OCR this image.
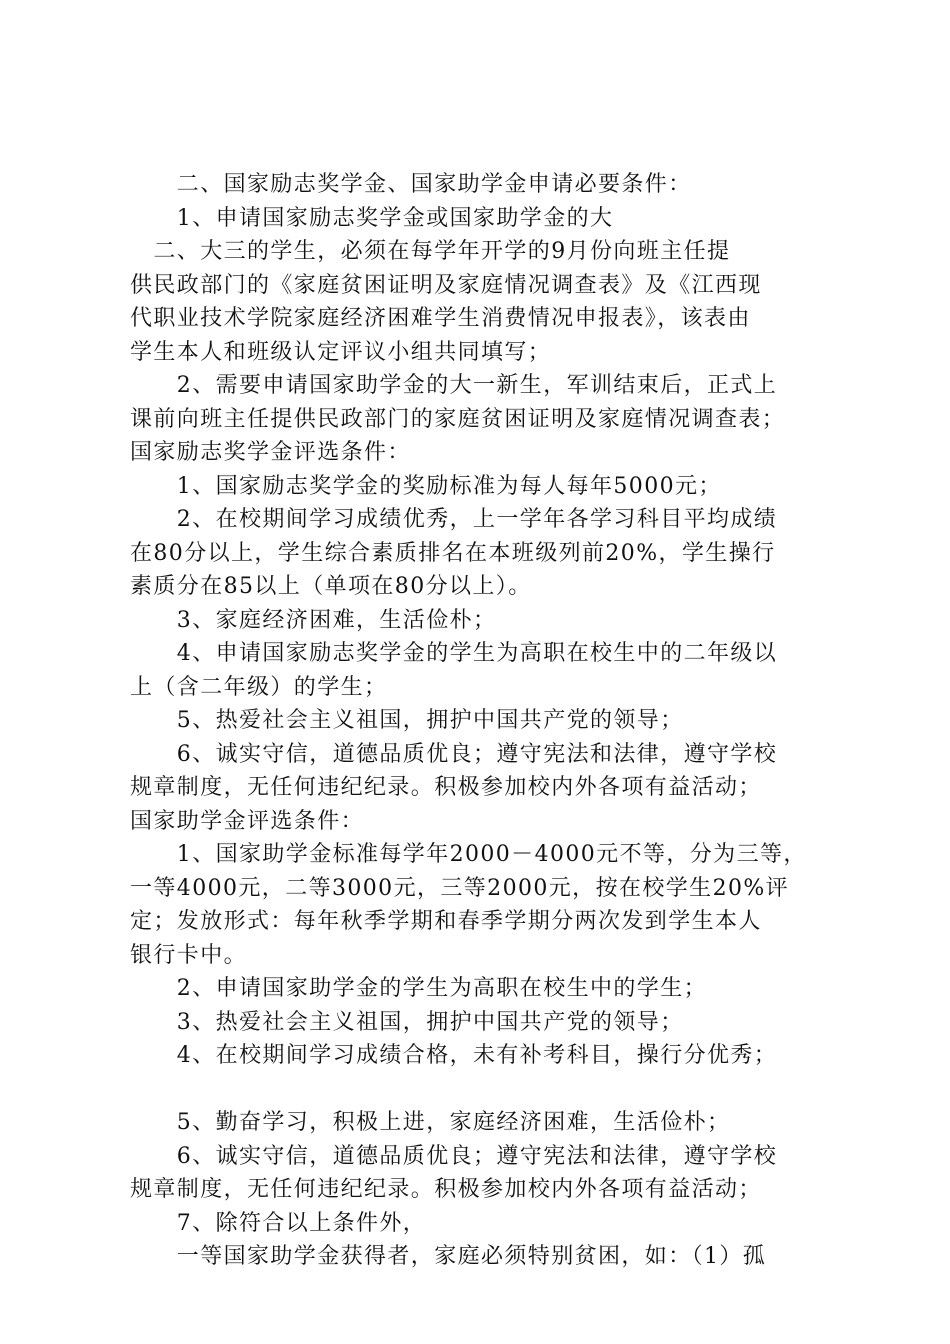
　　二、国家励志奖学金、国家助学金申请必要条件：
　　1、申请国家励志奖学金或国家助学金的大
　二、大三的学生，必须在每学年开学的9月份向班主任提
供民政部门的《家庭贫困证明及家庭情况调查表》及《江西现
代职业技术学院家庭经济困难学生消费情况申报表》，该表由
学生本人和班级认定评议小组共同填写；
　　2、需要申请国家助学金的大一新生，军训结束后，正式上
课前向班主任提供民政部门的家庭贫困证明及家庭情况调查表；
国家励志奖学金评选条件：
　　1、国家励志奖学金的奖励标准为每人每年5000元；
　　2、在校期间学习成绩优秀，上一学年各学习科目平均成绩
在80分以上，学生综合素质排名在本班级列前20%，学生操行
素质分在85以上（单项在80分以上）。
　　3、家庭经济困难，生活俭朴；
　　4、申请国家励志奖学金的学生为高职在校生中的二年级以
上（含二年级）的学生；
　　5、热爱社会主义祖国，拥护中国共产党的领导；
　　6、诚实守信，道德品质优良；遵守宪法和法律，遵守学校
规章制度，无任何违纪纪录。积极参加校内外各项有益活动；
国家助学金评选条件：
　　1、国家助学金标准每学年2000－4000元不等，分为三等，
一等4000元，二等3000元，三等2000元，按在校学生20%评
定；发放形式：每年秋季学期和春季学期分两次发到学生本人
银行卡中。
　　2、申请国家助学金的学生为高职在校生中的学生；
　　3、热爱社会主义祖国，拥护中国共产党的领导；
　　4、在校期间学习成绩合格，未有补考科目，操行分优秀；
　　5、勤奋学习，积极上进，家庭经济困难，生活俭朴；
　　6、诚实守信，道德品质优良；遵守宪法和法律，遵守学校
规章制度，无任何违纪纪录。积极参加校内外各项有益活动；
　　7、除符合以上条件外，
　　一等国家助学金获得者，家庭必须特别贫困，如：（1）孤
